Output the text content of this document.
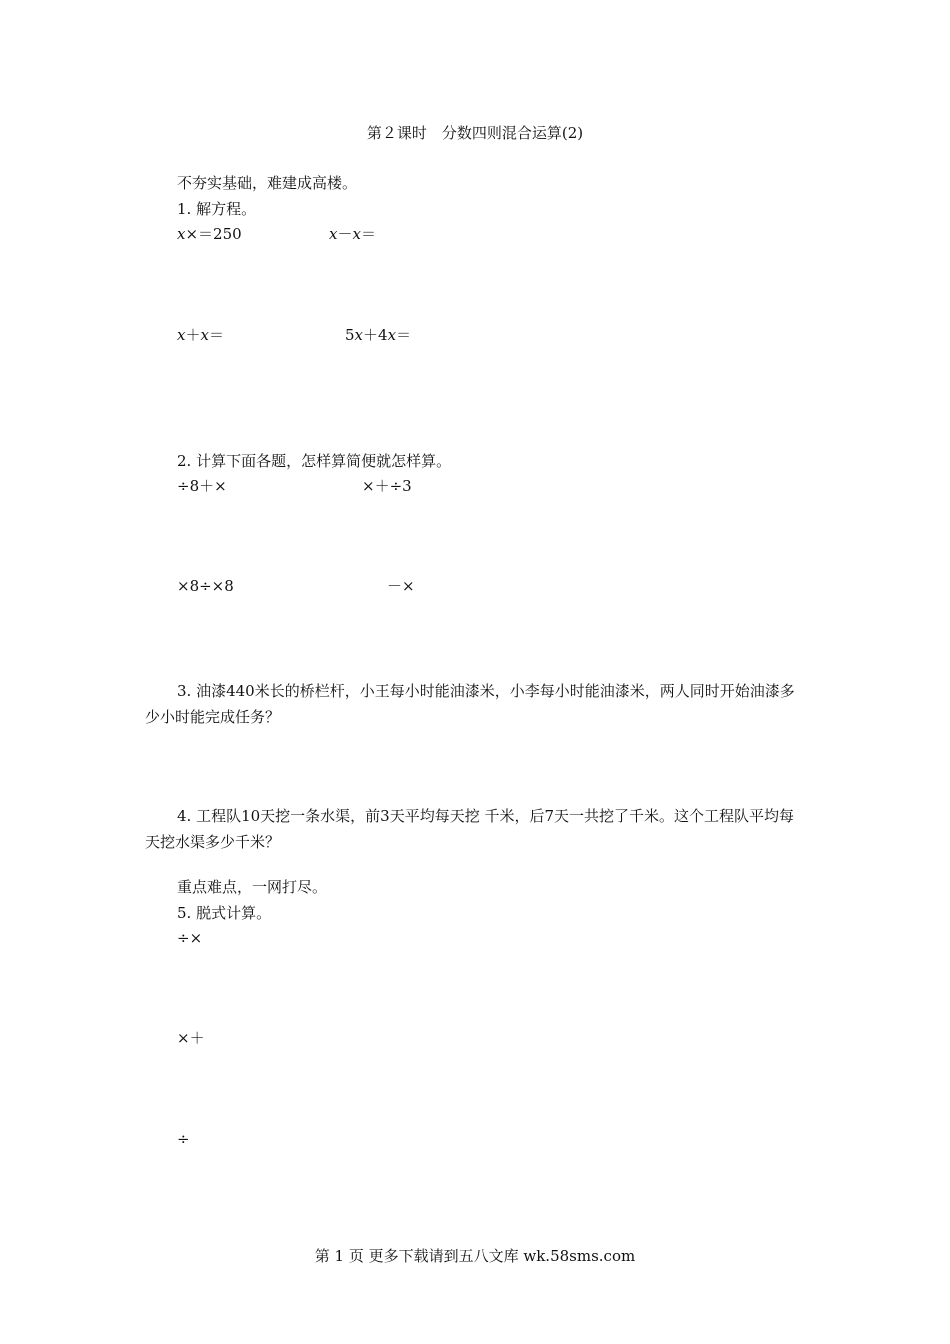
第２课时　分数四则混合运算(2)
不夯实基础，难建成高楼。
1. 解方程。
x×＝250	x－x＝
x＋x＝	5x＋4x＝
2. 计算下面各题，怎样算简便就怎样算。
÷8＋×	×＋÷3
×8÷×8	－×
3. 油漆440米长的桥栏杆，小王每小时能油漆米，小李每小时能油漆米，两人同时开始油漆多少小时能完成任务？
4. 工程队10天挖一条水渠，前3天平均每天挖 千米，后7天一共挖了千米。这个工程队平均每天挖水渠多少千米？
重点难点，一网打尽。
5. 脱式计算。
÷×
×＋
÷
第 1 页 更多下载请到五八文库 wk.58sms.com
